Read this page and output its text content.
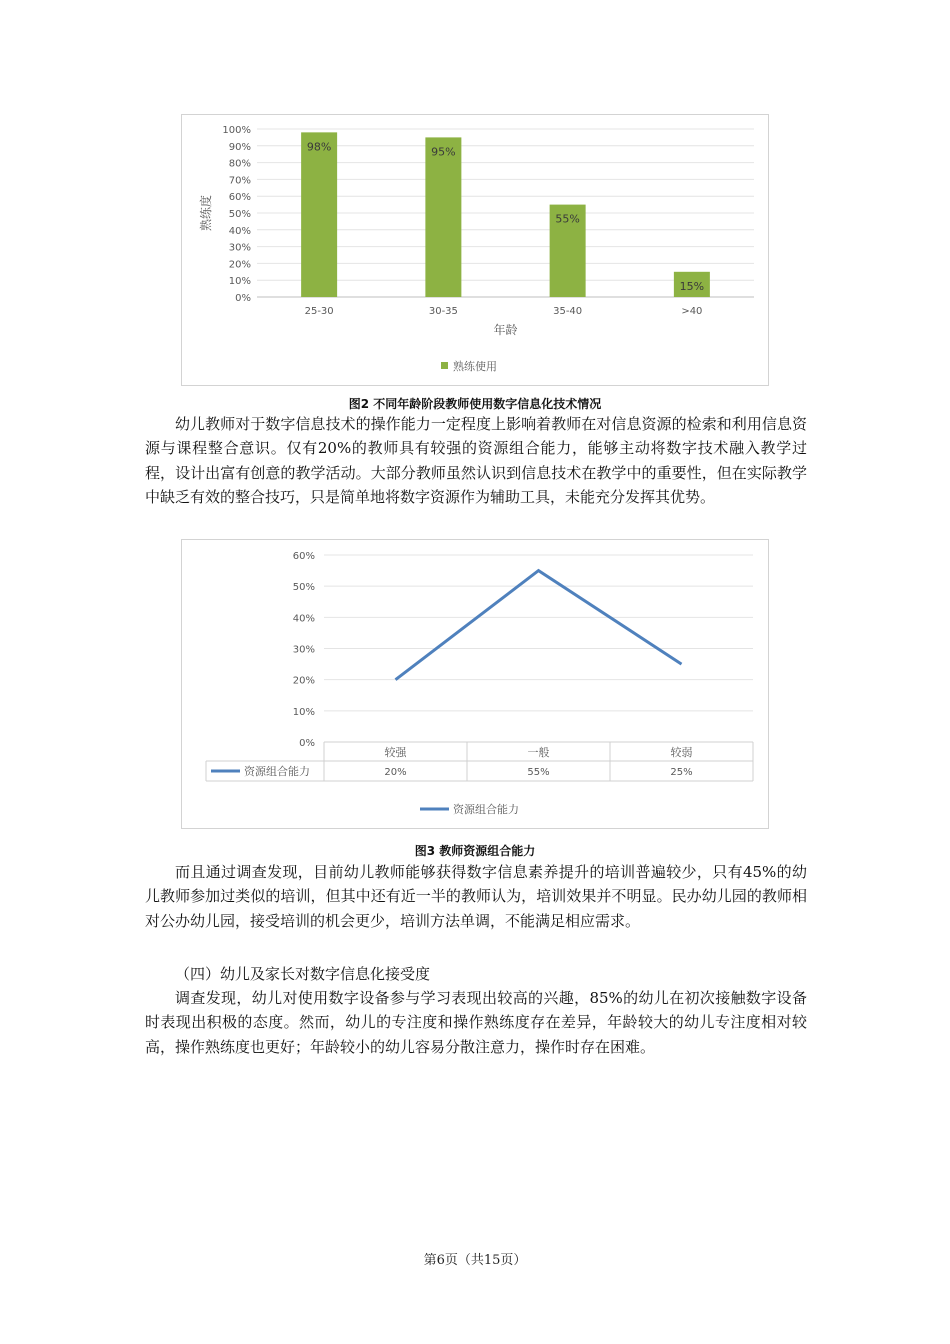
0%
10%
20%
30%
40%
50%
60%
70%
80%
90%
100%
98%
25-30
95%
30-35
55%
35-40
15%
>40
年龄
熟练度
熟练使用
图2 不同年龄阶段教师使用数字信息化技术情况

幼儿教师对于数字信息技术的操作能力一定程度上影响着教师在对信息资源的检索和利用信息资源与课程整合意识。仅有20%的教师具有较强的资源组合能力，能够主动将数字技术融入教学过程，设计出富有创意的教学活动。大部分教师虽然认识到信息技术在教学中的重要性，但在实际教学中缺乏有效的整合技巧，只是简单地将数字资源作为辅助工具，未能充分发挥其优势。

0%
10%
20%
30%
40%
50%
60%
较强
20%
一般
55%
较弱
25%
资源组合能力
资源组合能力
图3 教师资源组合能力

而且通过调查发现，目前幼儿教师能够获得数字信息素养提升的培训普遍较少，只有45%的幼儿教师参加过类似的培训，但其中还有近一半的教师认为，培训效果并不明显。民办幼儿园的教师相对公办幼儿园，接受培训的机会更少，培训方法单调，不能满足相应需求。

（四）幼儿及家长对数字信息化接受度

调查发现，幼儿对使用数字设备参与学习表现出较高的兴趣，85%的幼儿在初次接触数字设备时表现出积极的态度。然而，幼儿的专注度和操作熟练度存在差异，年龄较大的幼儿专注度相对较高，操作熟练度也更好；年龄较小的幼儿容易分散注意力，操作时存在困难。

第6页（共15页）
